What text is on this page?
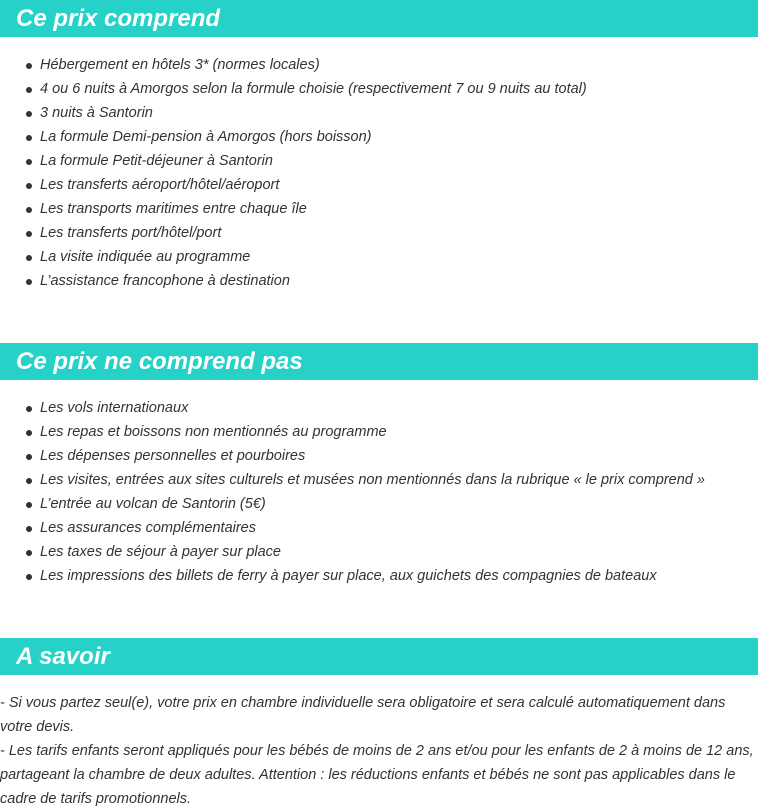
Ce prix comprend
Hébergement en hôtels 3* (normes locales)
4 ou 6 nuits à Amorgos selon la formule choisie (respectivement 7 ou 9 nuits au total)
3 nuits à Santorin
La formule Demi-pension à Amorgos (hors boisson)
La formule Petit-déjeuner à Santorin
Les transferts aéroport/hôtel/aéroport
Les transports maritimes entre chaque île
Les transferts port/hôtel/port
La visite indiquée au programme
L’assistance francophone à destination
Ce prix ne comprend pas
Les vols internationaux
Les repas et boissons non mentionnés au programme
Les dépenses personnelles et pourboires
Les visites, entrées aux sites culturels et musées non mentionnés dans la rubrique « le prix comprend »
L’entrée au volcan de Santorin (5€)
Les assurances complémentaires
Les taxes de séjour à payer sur place
Les impressions des billets de ferry à payer sur place, aux guichets des compagnies de bateaux
A savoir

- Si vous partez seul(e), votre prix en chambre individuelle sera obligatoire et sera calculé automatiquement dans votre devis.

- Les tarifs enfants seront appliqués pour les bébés de moins de 2 ans et/ou pour les enfants de 2 à moins de 12 ans, partageant la chambre de deux adultes. Attention : les réductions enfants et bébés ne sont pas applicables dans le cadre de tarifs promotionnels.
